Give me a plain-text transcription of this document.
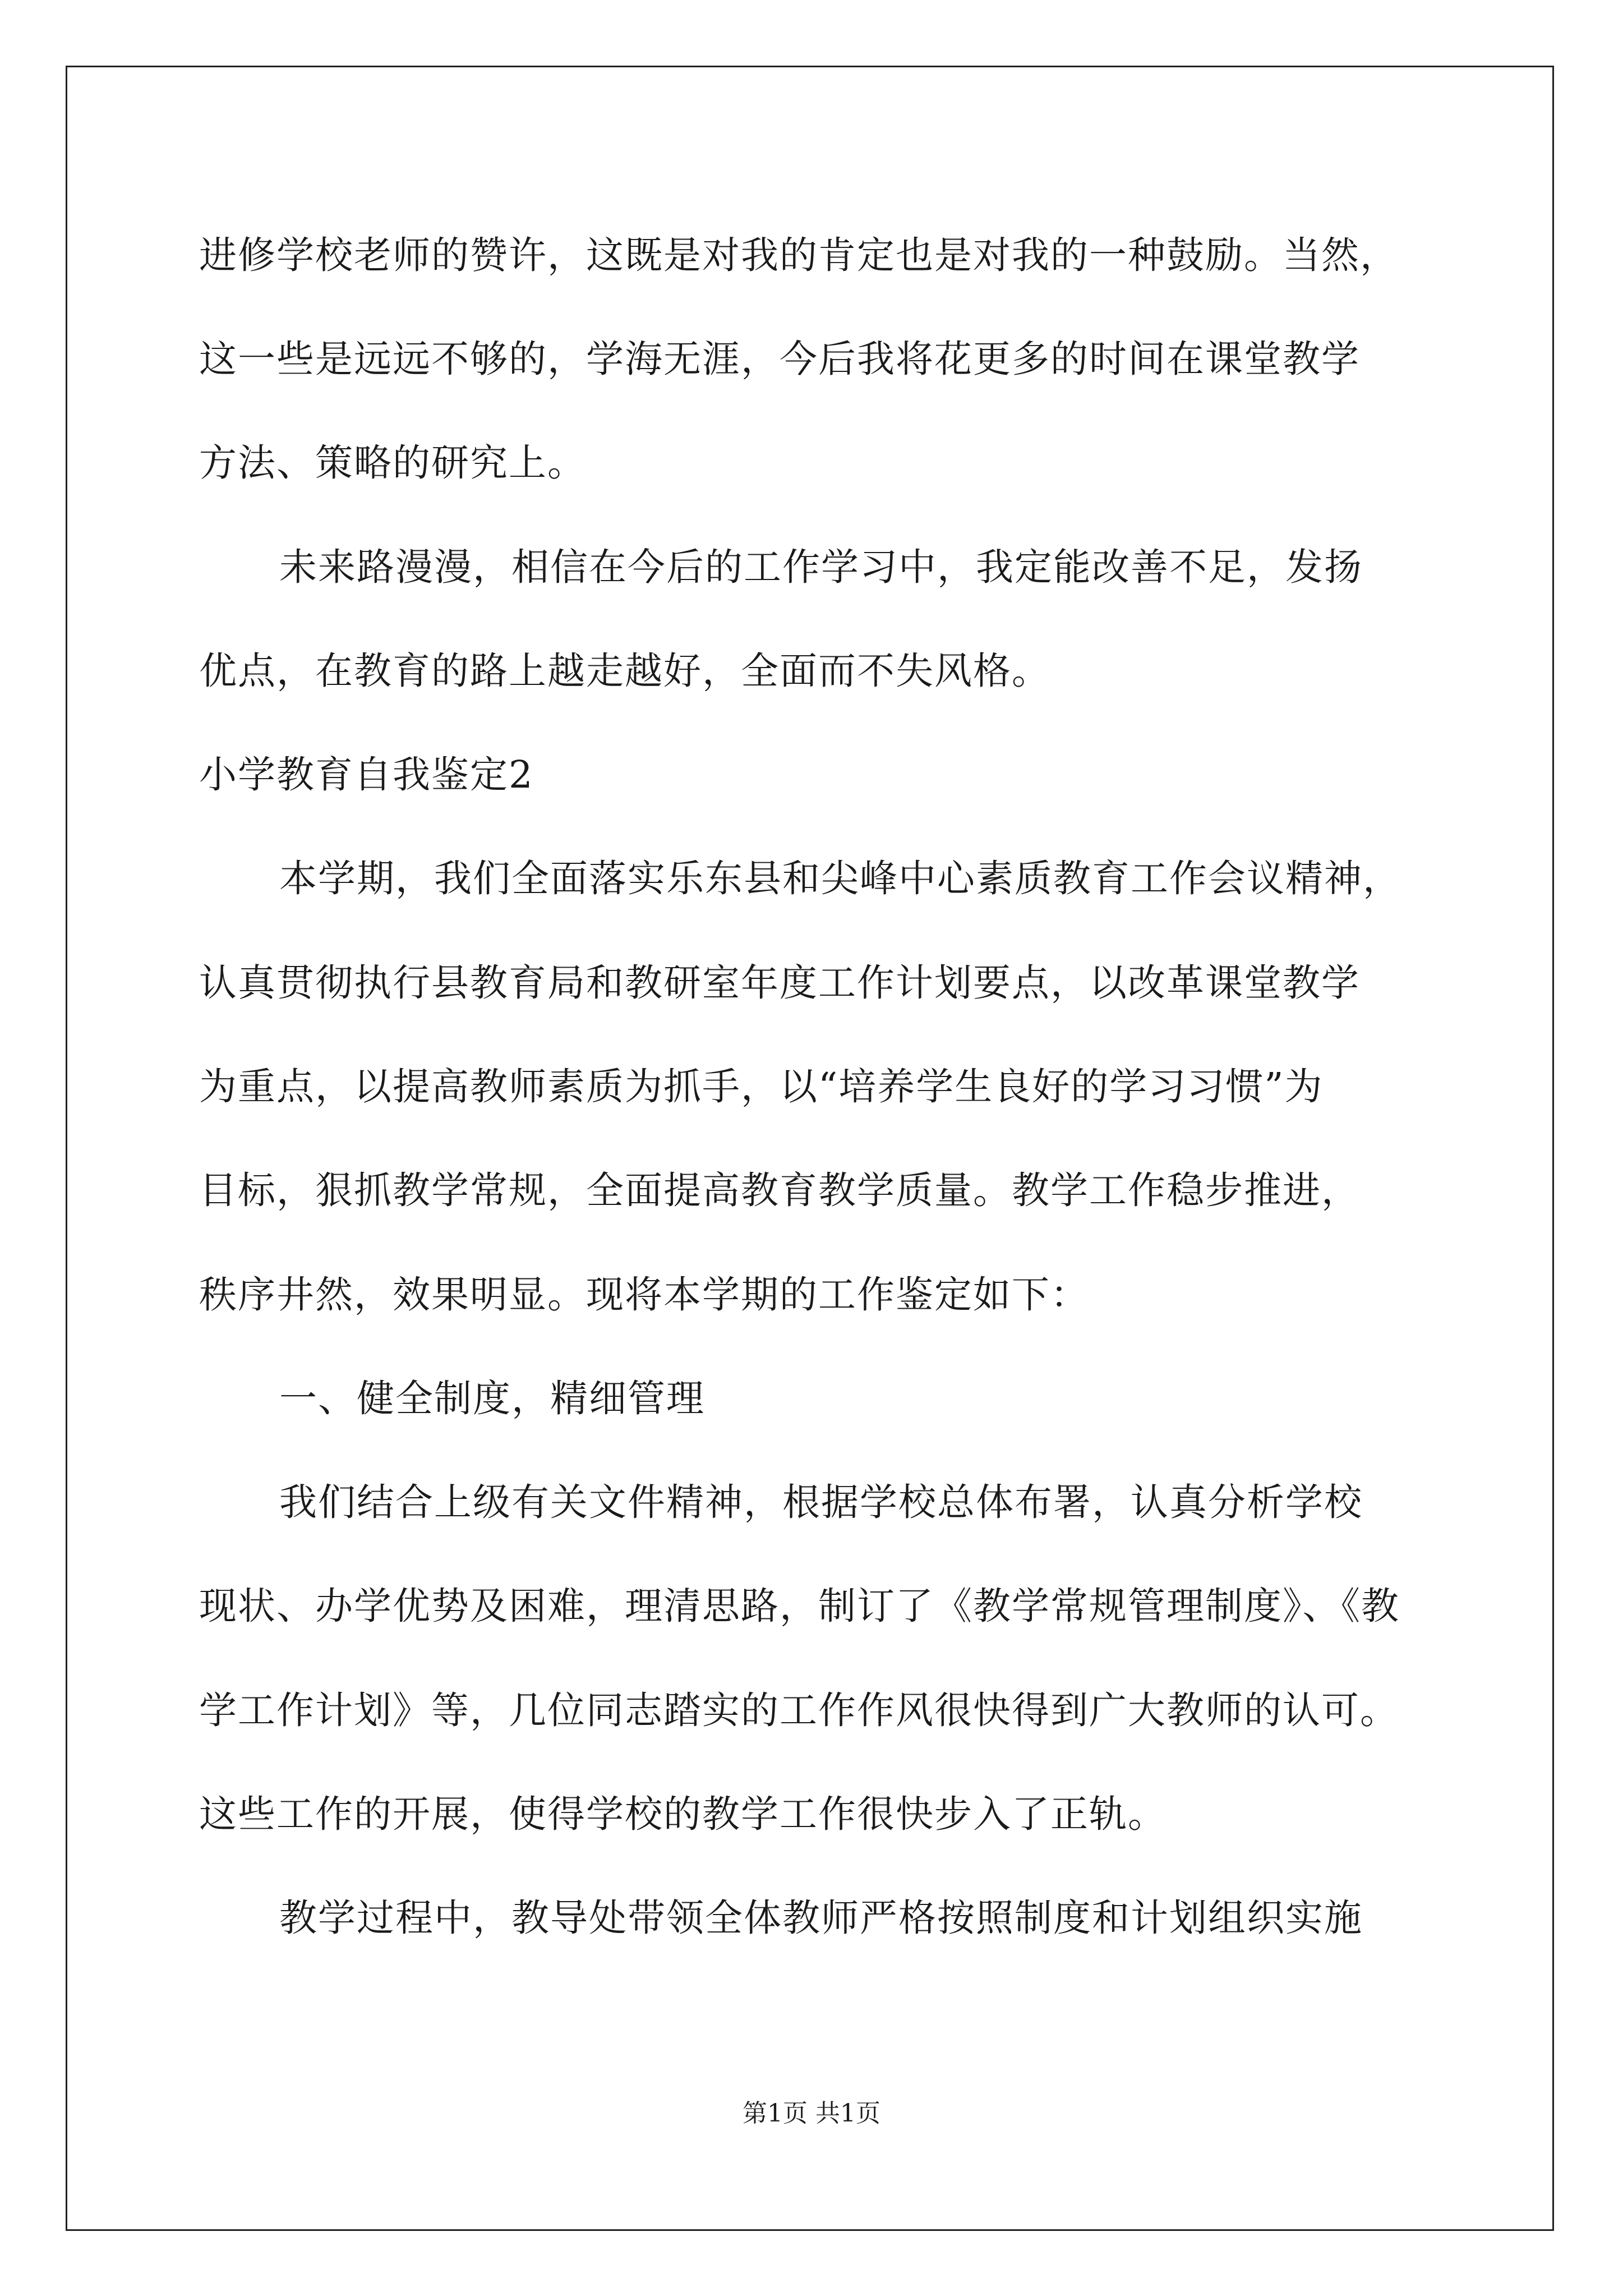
进修学校老师的赞许，这既是对我的肯定也是对我的一种鼓励。当然，
这一些是远远不够的，学海无涯，今后我将花更多的时间在课堂教学
方法、策略的研究上。
未来路漫漫，相信在今后的工作学习中，我定能改善不足，发扬
优点，在教育的路上越走越好，全面而不失风格。
小学教育自我鉴定2
本学期，我们全面落实乐东县和尖峰中心素质教育工作会议精神，
认真贯彻执行县教育局和教研室年度工作计划要点，以改革课堂教学
为重点，以提高教师素质为抓手，以“培养学生良好的学习习惯”为
目标，狠抓教学常规，全面提高教育教学质量。教学工作稳步推进，
秩序井然，效果明显。现将本学期的工作鉴定如下：
一、健全制度，精细管理
我们结合上级有关文件精神，根据学校总体布署，认真分析学校
现状、办学优势及困难，理清思路，制订了《教学常规管理制度》、《教
学工作计划》等，几位同志踏实的工作作风很快得到广大教师的认可。
这些工作的开展，使得学校的教学工作很快步入了正轨。
教学过程中，教导处带领全体教师严格按照制度和计划组织实施
第1页 共1页
